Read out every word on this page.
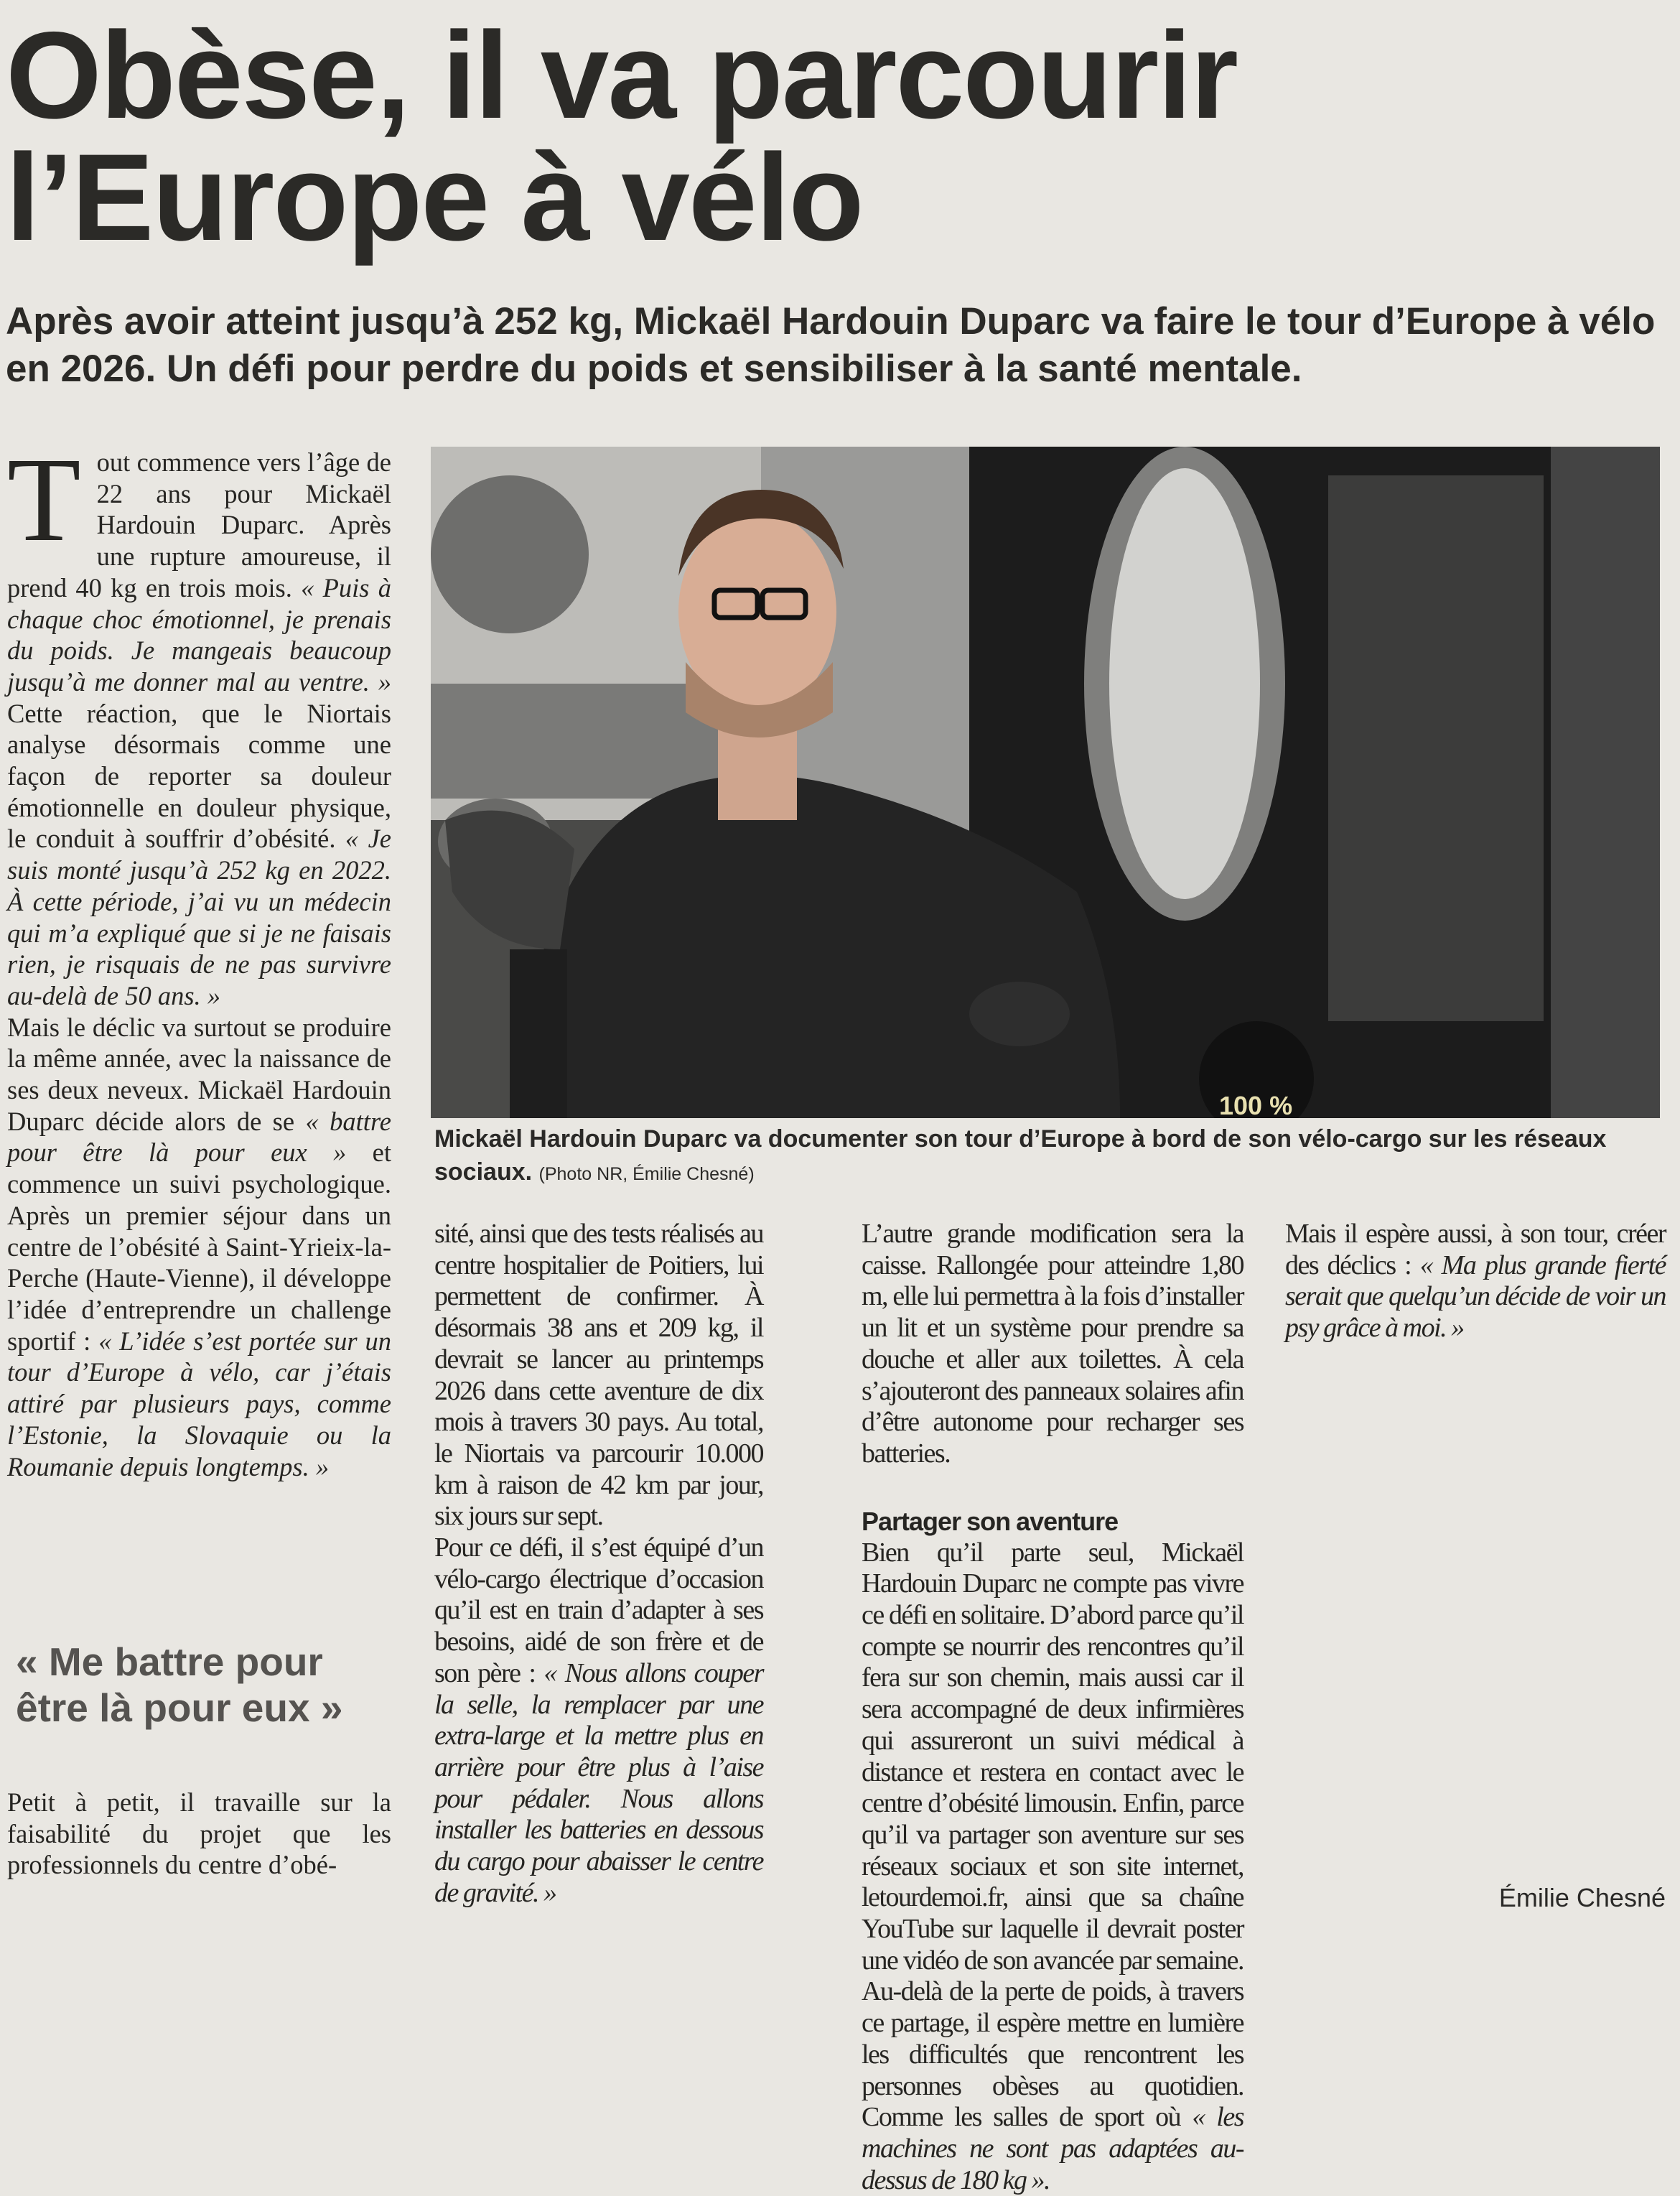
Obèse, il va parcourir
l’Europe à vélo

Après avoir atteint jusqu’à 252 kg, Mickaël Hardouin Duparc va faire le tour d’Europe à vélo en 2026. Un défi pour perdre du poids et sensibiliser à la santé mentale.

T out commence vers l’âge de 22 ans pour Mickaël Hardouin Duparc. Après une rupture amoureuse, il prend 40 kg en trois mois. « Puis à chaque choc émotionnel, je prenais du poids. Je mangeais beaucoup jusqu’à me donner mal au ventre. » Cette réaction, que le Niortais analyse désormais comme une façon de reporter sa douleur émotionnelle en douleur physique, le conduit à souffrir d’obésité. « Je suis monté jusqu’à 252 kg en 2022. À cette période, j’ai vu un médecin qui m’a expliqué que si je ne faisais rien, je risquais de ne pas survivre au-delà de 50 ans. »

Mais le déclic va surtout se produire la même année, avec la naissance de ses deux neveux. Mickaël Hardouin Duparc décide alors de se « battre pour être là pour eux » et commence un suivi psychologique. Après un premier séjour dans un centre de l’obésité à Saint-Yrieix-la-Perche (Haute-Vienne), il développe l’idée d’entreprendre un challenge sportif : « L’idée s’est portée sur un tour d’Europe à vélo, car j’étais attiré par plusieurs pays, comme l’Estonie, la Slovaquie ou la Roumanie depuis longtemps. »

« Me battre pour être là pour eux »

Petit à petit, il travaille sur la faisabilité du projet que les professionnels du centre d’obé-

100 %
Mickaël Hardouin Duparc va documenter son tour d’Europe à bord de son vélo-cargo sur les réseaux sociaux. (Photo NR, Émilie Chesné)

sité, ainsi que des tests réalisés au centre hospitalier de Poitiers, lui permettent de confirmer. À désormais 38 ans et 209 kg, il devrait se lancer au printemps 2026 dans cette aventure de dix mois à travers 30 pays. Au total, le Niortais va parcourir 10.000 km à raison de 42 km par jour, six jours sur sept.

Pour ce défi, il s’est équipé d’un vélo-cargo électrique d’occasion qu’il est en train d’adapter à ses besoins, aidé de son frère et de son père : « Nous allons couper la selle, la remplacer par une extra-large et la mettre plus en arrière pour être plus à l’aise pour pédaler. Nous allons installer les batteries en dessous du cargo pour abaisser le centre de gravité. »

L’autre grande modification sera la caisse. Rallongée pour atteindre 1,80 m, elle lui permettra à la fois d’installer un lit et un système pour prendre sa douche et aller aux toilettes. À cela s’ajouteront des panneaux solaires afin d’être autonome pour recharger ses batteries.

Partager son aventure

Bien qu’il parte seul, Mickaël Hardouin Duparc ne compte pas vivre ce défi en solitaire. D’abord parce qu’il compte se nourrir des rencontres qu’il fera sur son chemin, mais aussi car il sera accompagné de deux infirmières qui assureront un suivi médical à distance et restera en contact avec le centre d’obésité limousin. Enfin, parce qu’il va partager son aventure sur ses réseaux sociaux et son site internet, letourdemoi.fr, ainsi que sa chaîne YouTube sur laquelle il devrait poster une vidéo de son avancée par semaine. Au-delà de la perte de poids, à travers ce partage, il espère mettre en lumière les difficultés que rencontrent les personnes obèses au quotidien. Comme les salles de sport où « les machines ne sont pas adaptées au-dessus de 180 kg ».

Mais il espère aussi, à son tour, créer des déclics : « Ma plus grande fierté serait que quelqu’un décide de voir un psy grâce à moi. »

Émilie Chesné
